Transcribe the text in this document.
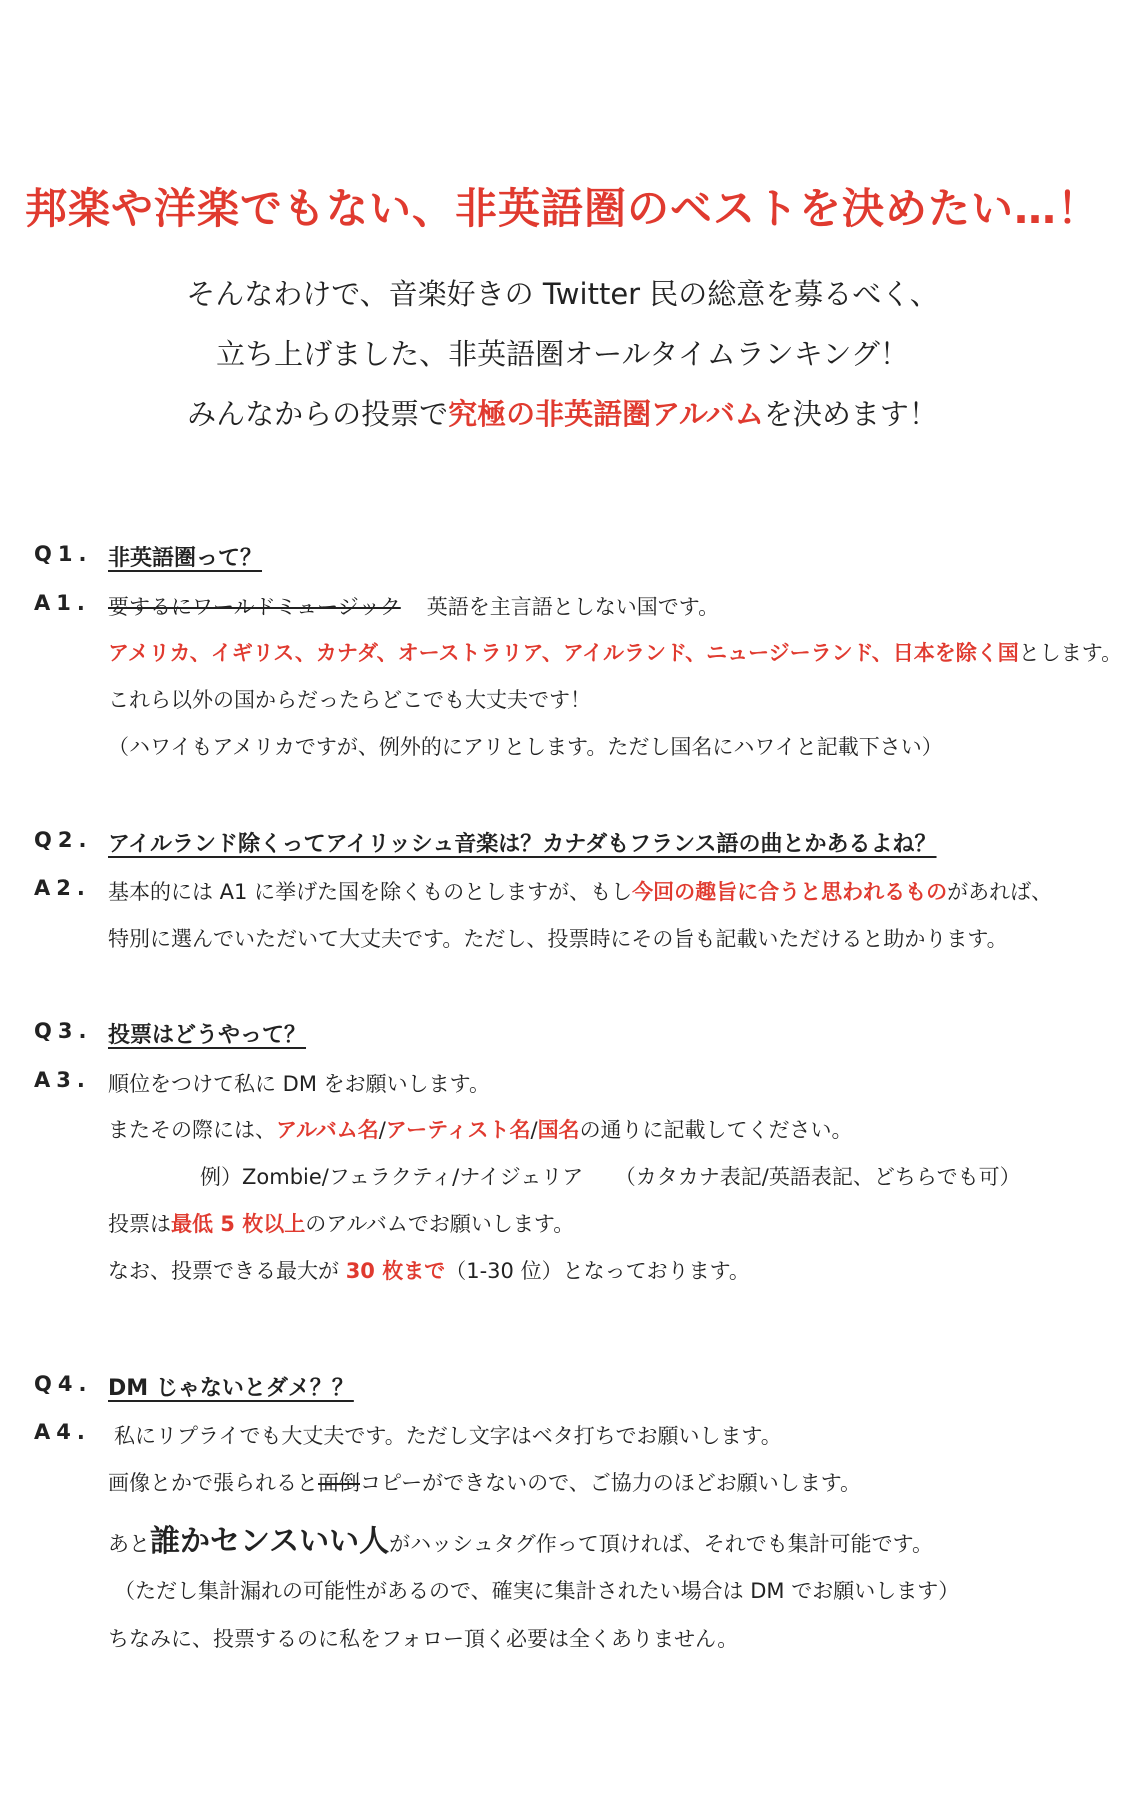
邦楽や洋楽でもない、非英語圏のベストを決めたい…！
そんなわけで、音楽好きの Twitter 民の総意を募るべく、
立ち上げました、非英語圏オールタイムランキング！
みんなからの投票で究極の非英語圏アルバムを決めます！
Q1. 非英語圏って？
A1. 要するにワールドミュージック 英語を主言語としない国です。
アメリカ、イギリス、カナダ、オーストラリア、アイルランド、ニュージーランド、日本を除く国とします。
これら以外の国からだったらどこでも大丈夫です！
（ハワイもアメリカですが、例外的にアリとします。ただし国名にハワイと記載下さい）
Q2. アイルランド除くってアイリッシュ音楽は？カナダもフランス語の曲とかあるよね？
A2. 基本的には A1 に挙げた国を除くものとしますが、もし今回の趣旨に合うと思われるものがあれば、
特別に選んでいただいて大丈夫です。ただし、投票時にその旨も記載いただけると助かります。
Q3. 投票はどうやって？
A3. 順位をつけて私に DM をお願いします。
またその際には、アルバム名/アーティスト名/国名の通りに記載してください。
例）Zombie/フェラクティ/ナイジェリア　　（カタカナ表記/英語表記、どちらでも可）
投票は最低 5 枚以上のアルバムでお願いします。
なお、投票できる最大が 30 枚まで（1-30 位）となっております。
Q4. DM じゃないとダメ？？
A4. 私にリプライでも大丈夫です。ただし文字はベタ打ちでお願いします。
画像とかで張られると面倒コピーができないので、ご協力のほどお願いします。
あと誰かセンスいい人がハッシュタグ作って頂ければ、それでも集計可能です。
（ただし集計漏れの可能性があるので、確実に集計されたい場合は DM でお願いします）
ちなみに、投票するのに私をフォロー頂く必要は全くありません。
